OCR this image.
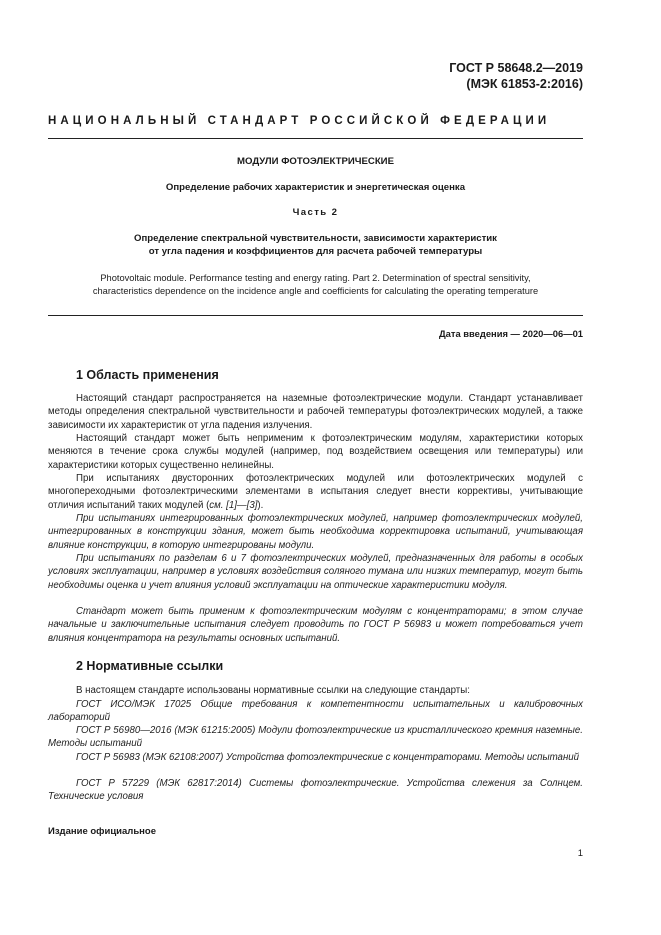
ГОСТ Р 58648.2—2019
(МЭК 61853-2:2016)
НАЦИОНАЛЬНЫЙ СТАНДАРТ РОССИЙСКОЙ ФЕДЕРАЦИИ
МОДУЛИ ФОТОЭЛЕКТРИЧЕСКИЕ
Определение рабочих характеристик и энергетическая оценка
Часть 2
Определение спектральной чувствительности, зависимости характеристик
от угла падения и коэффициентов для расчета рабочей температуры
Photovoltaic module. Performance testing and energy rating. Part 2. Determination of spectral sensitivity,
characteristics dependence on the incidence angle and coefficients for calculating the operating temperature
Дата введения — 2020—06—01
1 Область применения
Настоящий стандарт распространяется на наземные фотоэлектрические модули. Стандарт устанавливает методы определения спектральной чувствительности и рабочей температуры фотоэлектрических модулей, а также зависимости их характеристик от угла падения излучения.
Настоящий стандарт может быть неприменим к фотоэлектрическим модулям, характеристики которых меняются в течение срока службы модулей (например, под воздействием освещения или температуры) или характеристики которых существенно нелинейны.
При испытаниях двусторонних фотоэлектрических модулей или фотоэлектрических модулей с многопереходными фотоэлектрическими элементами в испытания следует внести коррективы, учитывающие отличия испытаний таких модулей (см. [1]—[3]).
При испытаниях интегрированных фотоэлектрических модулей, например фотоэлектрических модулей, интегрированных в конструкции здания, может быть необходима корректировка испытаний, учитывающая влияние конструкции, в которую интегрированы модули.
При испытаниях по разделам 6 и 7 фотоэлектрических модулей, предназначенных для работы в особых условиях эксплуатации, например в условиях воздействия соляного тумана или низких температур, могут быть необходимы оценка и учет влияния условий эксплуатации на оптические характеристики модуля.
Стандарт может быть применим к фотоэлектрическим модулям с концентраторами; в этом случае начальные и заключительные испытания следует проводить по ГОСТ Р 56983 и может потребоваться учет влияния концентратора на результаты основных испытаний.
2 Нормативные ссылки
В настоящем стандарте использованы нормативные ссылки на следующие стандарты:
ГОСТ ИСО/МЭК 17025 Общие требования к компетентности испытательных и калибровочных лабораторий
ГОСТ Р 56980—2016 (МЭК 61215:2005) Модули фотоэлектрические из кристаллического кремния наземные. Методы испытаний
ГОСТ Р 56983 (МЭК 62108:2007) Устройства фотоэлектрические с концентраторами. Методы испытаний
ГОСТ Р 57229 (МЭК 62817:2014) Системы фотоэлектрические. Устройства слежения за Солнцем. Технические условия
Издание официальное
1
